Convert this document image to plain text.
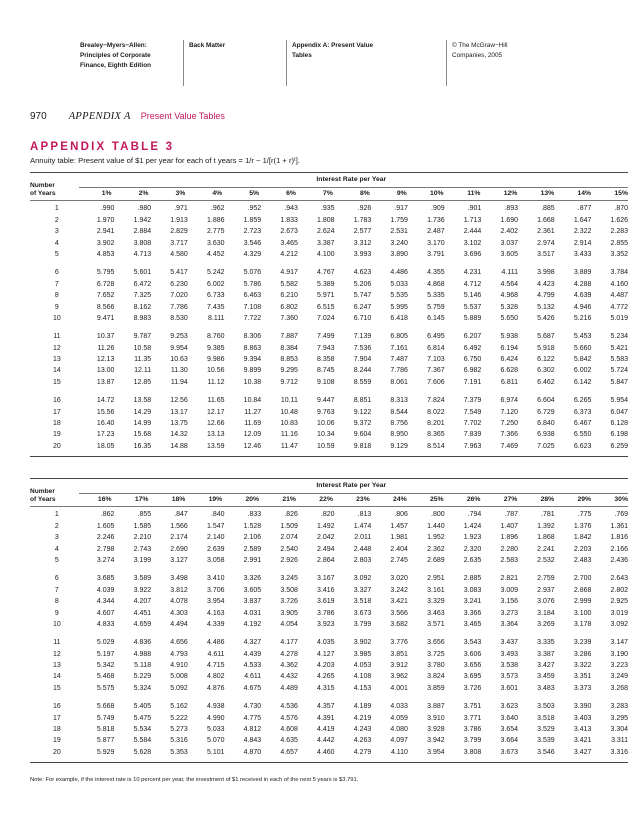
Brealey−Myers−Allen:
Principles of Corporate
Finance, Eighth Edition
Back Matter	Appendix A: Present Value
Tables
© The McGraw−Hill
Companies, 2005
970 APPENDIX A Present Value Tables
APPENDIX TABLE 3
Annuity table: Present value of $1 per year for each of t years = 1/r − 1/[r(1 + r)ᵗ].
Number
of Years
Interest Rate per Year
1%	2%	3%	4%	5%	6%	7%	8%	9%	10%	11%	12%	13%	14%	15%
1	.990	.980	.971	.962	.952	.943	.935	.926	.917	.909	.901	.893	.885	.877	.870
2	1.970	1.942	1.913	1.886	1.859	1.833	1.808	1.783	1.759	1.736	1.713	1.690	1.668	1.647	1.626
3	2.941	2.884	2.829	2.775	2.723	2.673	2.624	2.577	2.531	2.487	2.444	2.402	2.361	2.322	2.283
4	3.902	3.808	3.717	3.630	3.546	3.465	3.387	3.312	3.240	3.170	3.102	3.037	2.974	2.914	2.855
5	4.853	4.713	4.580	4.452	4.329	4.212	4.100	3.993	3.890	3.791	3.696	3.605	3.517	3.433	3.352
6	5.795	5.601	5.417	5.242	5.076	4.917	4.767	4.623	4.486	4.355	4.231	4.111	3.998	3.889	3.784
7	6.728	6.472	6.230	6.002	5.786	5.582	5.389	5.206	5.033	4.868	4.712	4.564	4.423	4.288	4.160
8	7.652	7.325	7.020	6.733	6.463	6.210	5.971	5.747	5.535	5.335	5.146	4.968	4.799	4.639	4.487
9	8.566	8.162	7.786	7.435	7.108	6.802	6.515	6.247	5.995	5.759	5.537	5.328	5.132	4.946	4.772
10	9.471	8.983	8.530	8.111	7.722	7.360	7.024	6.710	6.418	6.145	5.889	5.650	5.426	5.216	5.019
11	10.37	9.787	9.253	8.760	8.306	7.887	7.499	7.139	6.805	6.495	6.207	5.938	5.687	5.453	5.234
12	11.26	10.58	9.954	9.385	8.863	8.384	7.943	7.536	7.161	6.814	6.492	6.194	5.918	5.660	5.421
13	12.13	11.35	10.63	9.986	9.394	8.853	8.358	7.904	7.487	7.103	6.750	6.424	6.122	5.842	5.583
14	13.00	12.11	11.30	10.56	9.899	9.295	8.745	8.244	7.786	7.367	6.982	6.628	6.302	6.002	5.724
15	13.87	12.85	11.94	11.12	10.38	9.712	9.108	8.559	8.061	7.606	7.191	6.811	6.462	6.142	5.847
16	14.72	13.58	12.56	11.65	10.84	10.11	9.447	8.851	8.313	7.824	7.379	6.974	6.604	6.265	5.954
17	15.56	14.29	13.17	12.17	11.27	10.48	9.763	9.122	8.544	8.022	7.549	7.120	6.729	6.373	6.047
18	16.40	14.99	13.75	12.66	11.69	10.83	10.06	9.372	8.756	8.201	7.702	7.250	6.840	6.467	6.128
19	17.23	15.68	14.32	13.13	12.09	11.16	10.34	9.604	8.950	8.365	7.839	7.366	6.938	6.550	6.198
20	18.05	16.35	14.88	13.59	12.46	11.47	10.59	9.818	9.129	8.514	7.963	7.469	7.025	6.623	6.259
Number
of Years
Interest Rate per Year
16%	17%	18%	19%	20%	21%	22%	23%	24%	25%	26%	27%	28%	29%	30%
1	.862	.855	.847	.840	.833	.826	.820	.813	.806	.800	.794	.787	.781	.775	.769
2	1.605	1.585	1.566	1.547	1.528	1.509	1.492	1.474	1.457	1.440	1.424	1.407	1.392	1.376	1.361
3	2.246	2.210	2.174	2.140	2.106	2.074	2.042	2.011	1.981	1.952	1.923	1.896	1.868	1.842	1.816
4	2.798	2.743	2.690	2.639	2.589	2.540	2.494	2.448	2.404	2.362	2.320	2.280	2.241	2.203	2.166
5	3.274	3.199	3.127	3.058	2.991	2.926	2.864	2.803	2.745	2.689	2.635	2.583	2.532	2.483	2.436
6	3.685	3.589	3.498	3.410	3.326	3.245	3.167	3.092	3.020	2.951	2.885	2.821	2.759	2.700	2.643
7	4.039	3.922	3.812	3.706	3.605	3.508	3.416	3.327	3.242	3.161	3.083	3.009	2.937	2.868	2.802
8	4.344	4.207	4.078	3.954	3.837	3.726	3.619	3.518	3.421	3.329	3.241	3.156	3.076	2.999	2.925
9	4.607	4.451	4.303	4.163	4.031	3.905	3.786	3.673	3.566	3.463	3.366	3.273	3.184	3.100	3.019
10	4.833	4.659	4.494	4.339	4.192	4.054	3.923	3.799	3.682	3.571	3.465	3.364	3.269	3.178	3.092
11	5.029	4.836	4.656	4.486	4.327	4.177	4.035	3.902	3.776	3.656	3.543	3.437	3.335	3.239	3.147
12	5.197	4.988	4.793	4.611	4.439	4.278	4.127	3.985	3.851	3.725	3.606	3.493	3.387	3.286	3.190
13	5.342	5.118	4.910	4.715	4.533	4.362	4.203	4.053	3.912	3.780	3.656	3.538	3.427	3.322	3.223
14	5.468	5.229	5.008	4.802	4.611	4.432	4.265	4.108	3.962	3.824	3.695	3.573	3.459	3.351	3.249
15	5.575	5.324	5.092	4.876	4.675	4.489	4.315	4.153	4.001	3.859	3.726	3.601	3.483	3.373	3.268
16	5.668	5.405	5.162	4.938	4.730	4.536	4.357	4.189	4.033	3.887	3.751	3.623	3.503	3.390	3.283
17	5.749	5.475	5.222	4.990	4.775	4.576	4.391	4.219	4.059	3.910	3.771	3.640	3.518	3.403	3.295
18	5.818	5.534	5.273	5.033	4.812	4.608	4.419	4.243	4.080	3.928	3.786	3.654	3.529	3.413	3.304
19	5.877	5.584	5.316	5.070	4.843	4.635	4.442	4.263	4.097	3.942	3.799	3.664	3.539	3.421	3.311
20	5.929	5.628	5.353	5.101	4.870	4.657	4.460	4.279	4.110	3.954	3.808	3.673	3.546	3.427	3.316
Note: For example, if the interest rate is 10 percent per year, the investment of $1 received in each of the next 5 years is $3.791.
